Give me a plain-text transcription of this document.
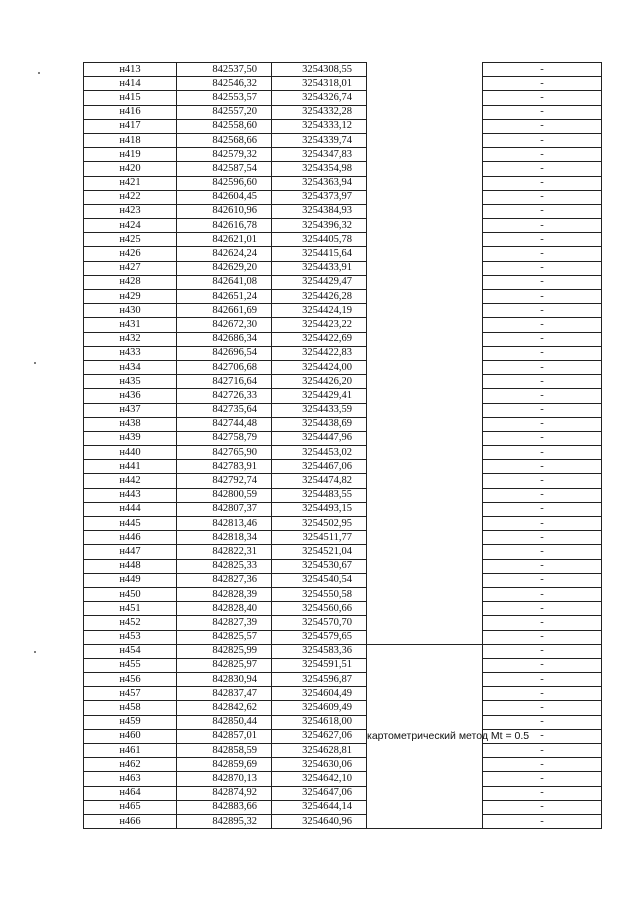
н413	842537,50	3254308,55		-
н414	842546,32	3254318,01		-
н415	842553,57	3254326,74		-
н416	842557,20	3254332,28		-
н417	842558,60	3254333,12		-
н418	842568,66	3254339,74		-
н419	842579,32	3254347,83		-
н420	842587,54	3254354,98		-
н421	842596,60	3254363,94		-
н422	842604,45	3254373,97		-
н423	842610,96	3254384,93		-
н424	842616,78	3254396,32		-
н425	842621,01	3254405,78		-
н426	842624,24	3254415,64		-
н427	842629,20	3254433,91		-
н428	842641,08	3254429,47		-
н429	842651,24	3254426,28		-
н430	842661,69	3254424,19		-
н431	842672,30	3254423,22		-
н432	842686,34	3254422,69		-
н433	842696,54	3254422,83		-
н434	842706,68	3254424,00		-
н435	842716,64	3254426,20		-
н436	842726,33	3254429,41		-
н437	842735,64	3254433,59		-
н438	842744,48	3254438,69		-
н439	842758,79	3254447,96		-
н440	842765,90	3254453,02		-
н441	842783,91	3254467,06		-
н442	842792,74	3254474,82		-
н443	842800,59	3254483,55		-
н444	842807,37	3254493,15		-
н445	842813,46	3254502,95		-
н446	842818,34	3254511,77		-
н447	842822,31	3254521,04		-
н448	842825,33	3254530,67		-
н449	842827,36	3254540,54		-
н450	842828,39	3254550,58		-
н451	842828,40	3254560,66		-
н452	842827,39	3254570,70		-
н453	842825,57	3254579,65		-
н454	842825,99	3254583,36	картометрический метод Mt = 0.5	-
н455	842825,97	3254591,51		-
н456	842830,94	3254596,87		-
н457	842837,47	3254604,49		-
н458	842842,62	3254609,49		-
н459	842850,44	3254618,00		-
н460	842857,01	3254627,06		-
н461	842858,59	3254628,81		-
н462	842859,69	3254630,06		-
н463	842870,13	3254642,10		-
н464	842874,92	3254647,06		-
н465	842883,66	3254644,14		-
н466	842895,32	3254640,96		-
